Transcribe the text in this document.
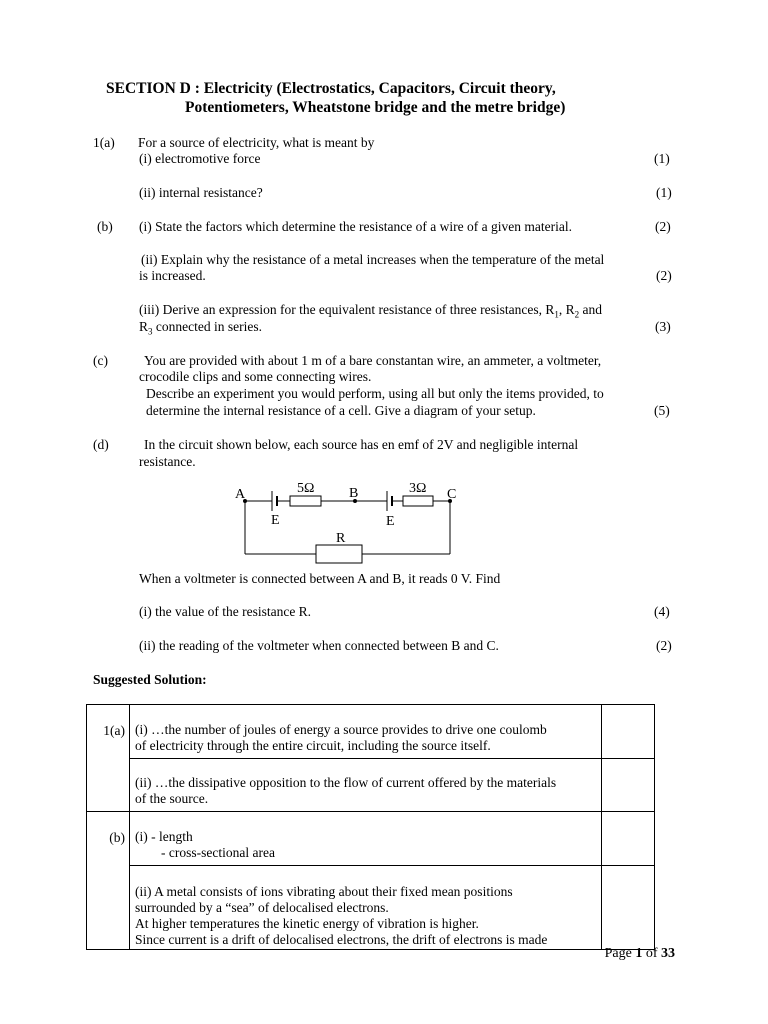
SECTION D : Electricity (Electrostatics, Capacitors, Circuit theory,
Potentiometers, Wheatstone bridge and the metre bridge)
1(a) For a source of electricity, what is meant by
(i) electromotive force	(1)
(ii) internal resistance?	(1)
(b) (i) State the factors which determine the resistance of a wire of a given material.	(2)
(ii) Explain why the resistance of a metal increases when the temperature of the metal
is increased.	(2)
(iii) Derive an expression for the equivalent resistance of three resistances, $R_1$, $R_2$ and
$R_3$ connected in series.	(3)
(c)	You are provided with about 1 m of a bare constantan wire, an ammeter, a voltmeter,
crocodile clips and some connecting wires.
Describe an experiment you would perform, using all but only the items provided, to
determine the internal resistance of a cell. Give a diagram of your setup.	(5)
(d)	In the circuit shown below, each source has en emf of 2V and negligible internal
resistance.
A	B	C
5Ω	3Ω
E	E
R
When a voltmeter is connected between A and B, it reads 0 V. Find
(i) the value of the resistance R.	(4)
(ii) the reading of the voltmeter when connected between B and C.	(2)
Suggested Solution:
1(a)	(i) …the number of joules of energy a source provides to drive one coulomb
of electricity through the entire circuit, including the source itself.	

	(ii) …the dissipative opposition to the flow of current offered by the materials
of the source.	

(b)	(i) - length
- cross-sectional area	

	(ii) A metal consists of ions vibrating about their fixed mean positions
surrounded by a “sea” of delocalised electrons.
At higher temperatures the kinetic energy of vibration is higher.
Since current is a drift of delocalised electrons, the drift of electrons is made	

Page 1 of 33
